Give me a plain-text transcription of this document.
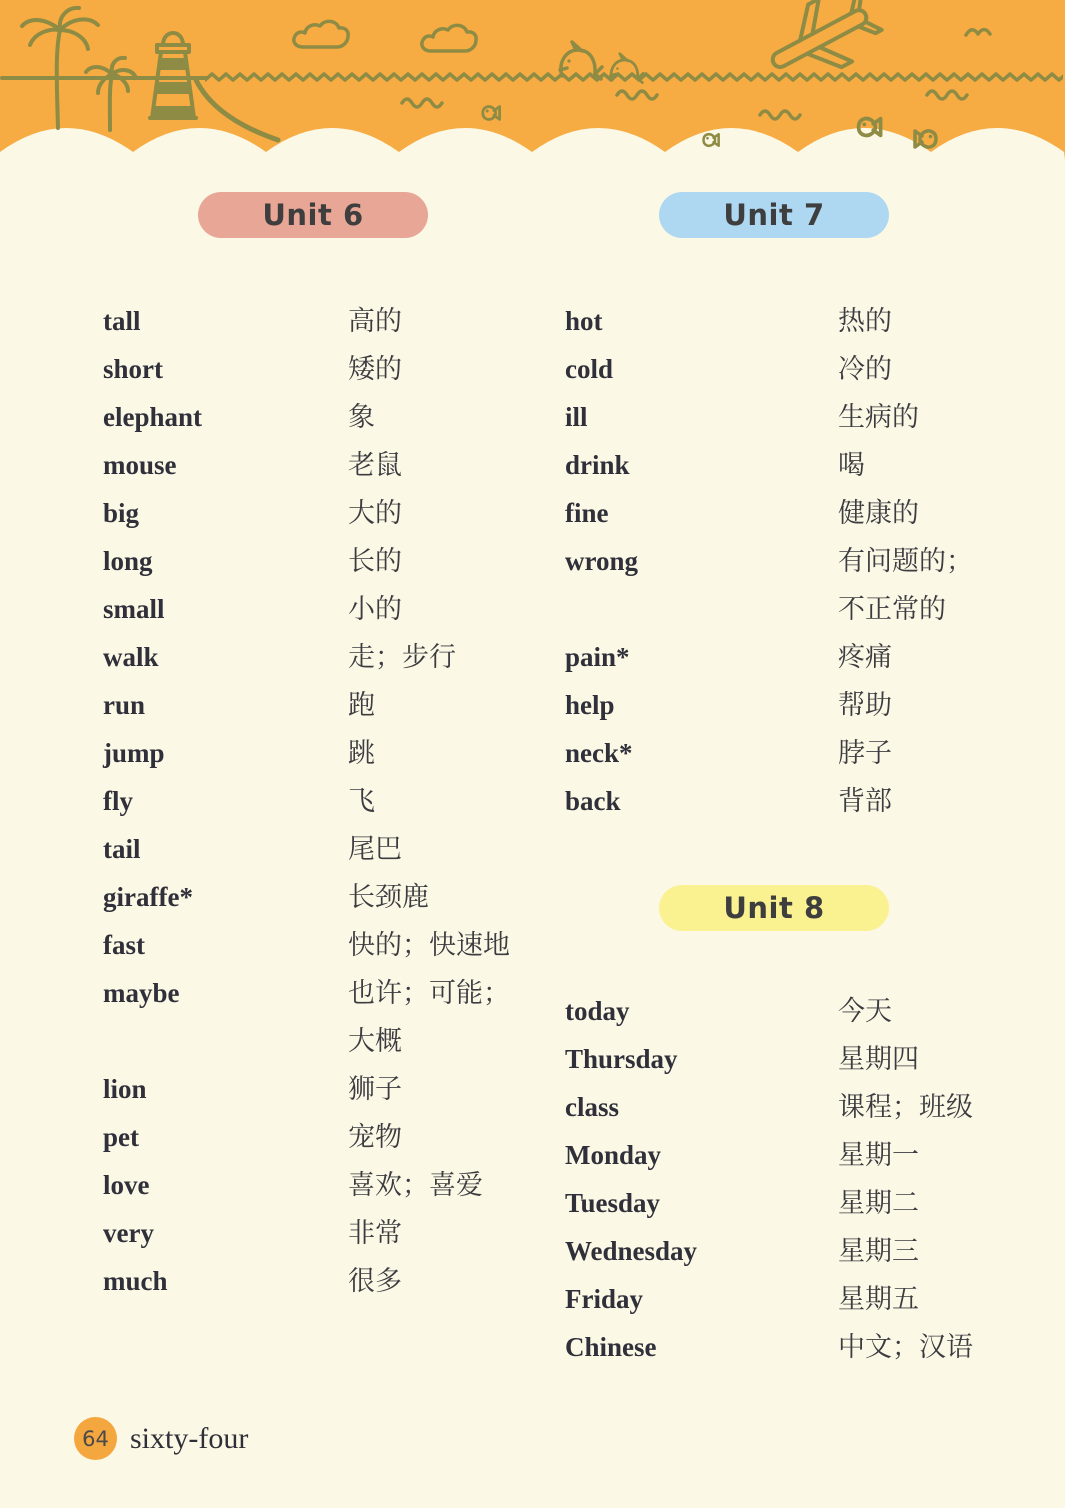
Unit 6
tall	高的
short	矮的
elephant	象
mouse	老鼠
big	大的
long	长的
small	小的
walk	走；步行
run	跑
jump	跳
fly	飞
tail	尾巴
giraffe*	长颈鹿
fast	快的；快速地
maybe	也许；可能；
大概
lion	狮子
pet	宠物
love	喜欢；喜爱
very	非常
much	很多
Unit 7
hot	热的
cold	冷的
ill	生病的
drink	喝
fine	健康的
wrong	有问题的；
不正常的
pain*	疼痛
help	帮助
neck*	脖子
back	背部
Unit 8
today	今天
Thursday	星期四
class	课程；班级
Monday	星期一
Tuesday	星期二
Wednesday	星期三
Friday	星期五
Chinese	中文；汉语
64 sixty-four
